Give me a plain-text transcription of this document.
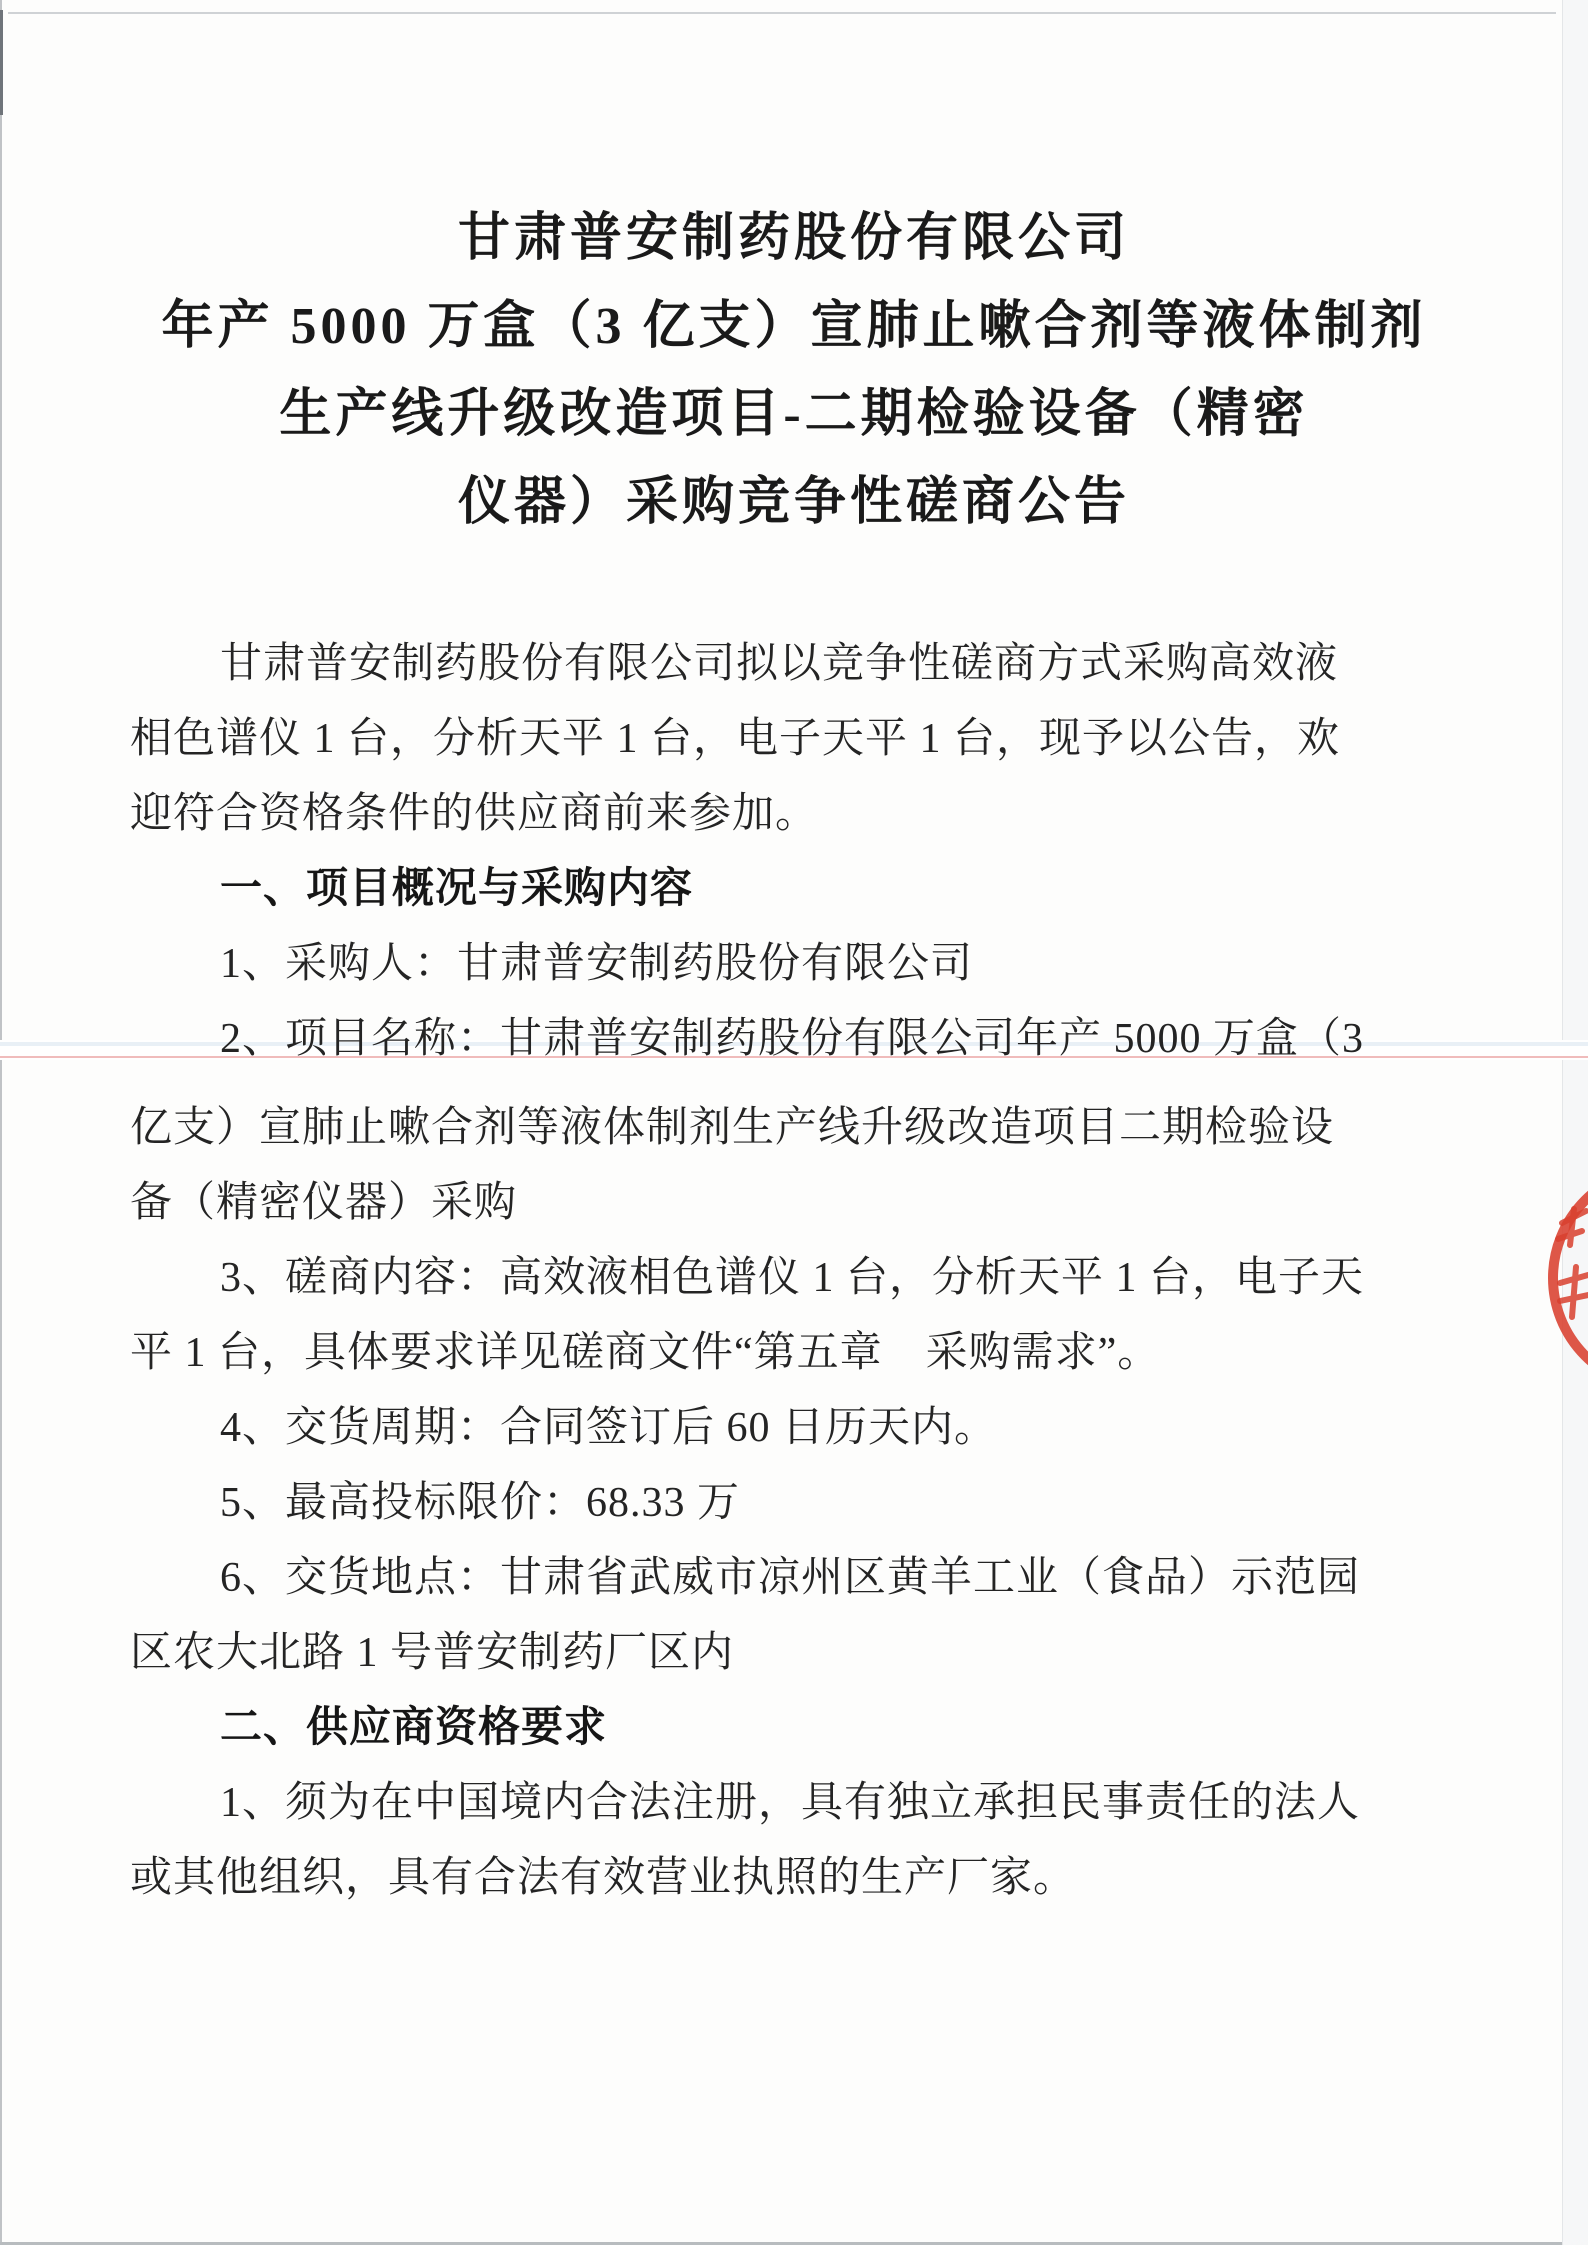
甘肃普安制药股份有限公司
年产 5000 万盒（3 亿支）宣肺止嗽合剂等液体制剂
生产线升级改造项目-二期检验设备（精密
仪器）采购竞争性磋商公告
甘肃普安制药股份有限公司拟以竞争性磋商方式采购高效液
相色谱仪 1 台，分析天平 1 台，电子天平 1 台，现予以公告，欢
迎符合资格条件的供应商前来参加。
一、项目概况与采购内容
1、采购人：甘肃普安制药股份有限公司
2、项目名称：甘肃普安制药股份有限公司年产 5000 万盒（3
亿支）宣肺止嗽合剂等液体制剂生产线升级改造项目二期检验设
备（精密仪器）采购
3、磋商内容：高效液相色谱仪 1 台，分析天平 1 台，电子天
平 1 台，具体要求详见磋商文件“第五章　采购需求”。
4、交货周期：合同签订后 60 日历天内。
5、最高投标限价：68.33 万
6、交货地点：甘肃省武威市凉州区黄羊工业（食品）示范园
区农大北路 1 号普安制药厂区内
二、供应商资格要求
1、须为在中国境内合法注册，具有独立承担民事责任的法人
或其他组织，具有合法有效营业执照的生产厂家。
